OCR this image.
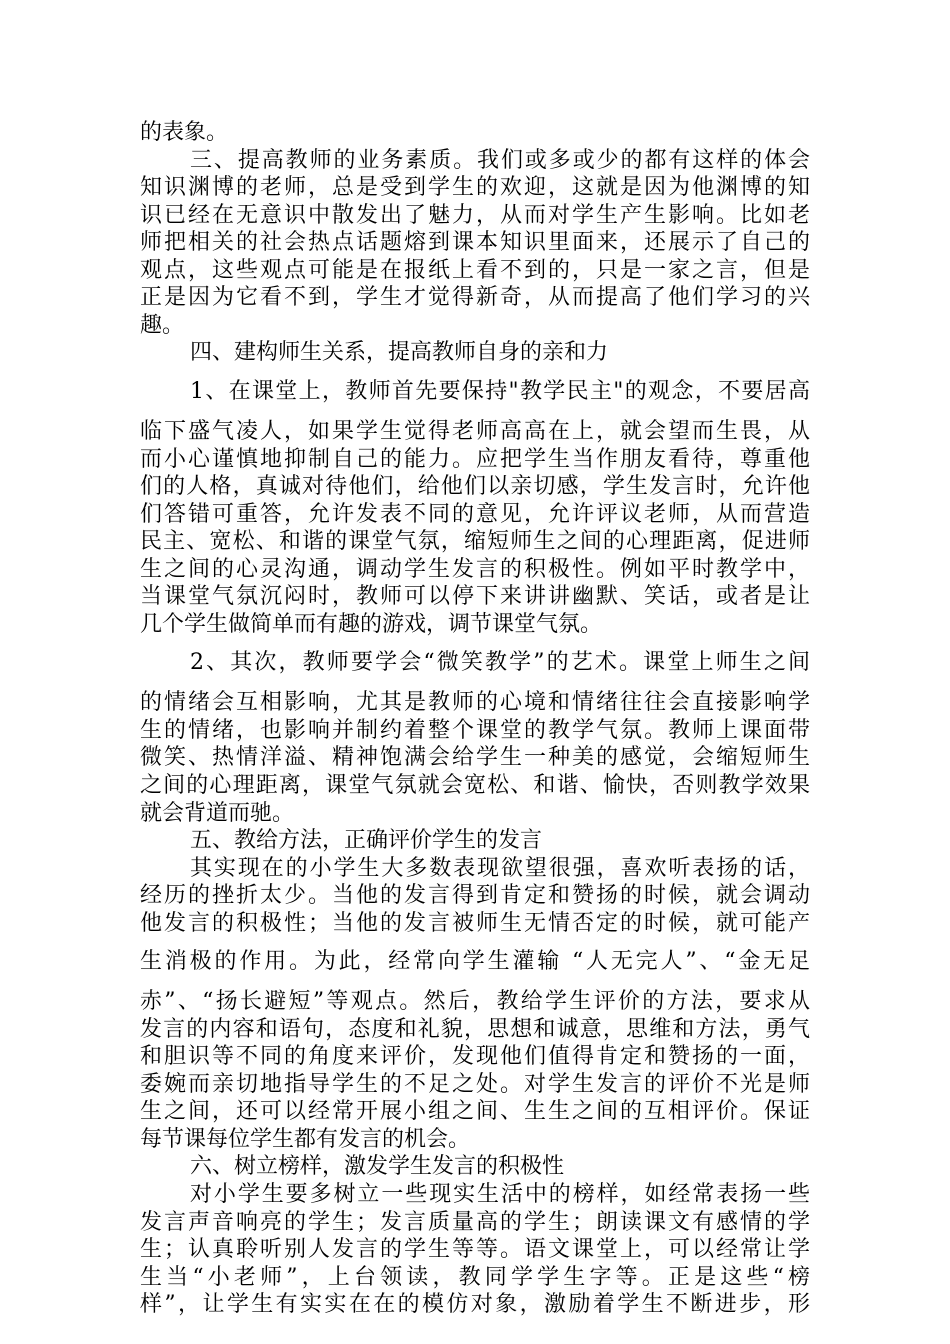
的表象。
三、提高教师的业务素质。我们或多或少的都有这样的体会
知识渊博的老师，总是受到学生的欢迎，这就是因为他渊博的知
识已经在无意识中散发出了魅力，从而对学生产生影响。比如老
师把相关的社会热点话题熔到课本知识里面来，还展示了自己的
观点，这些观点可能是在报纸上看不到的，只是一家之言，但是
正是因为它看不到，学生才觉得新奇，从而提高了他们学习的兴
趣。
四、建构师生关系，提高教师自身的亲和力
1、在课堂上，教师首先要保持"教学民主"的观念，不要居高
临下盛气凌人，如果学生觉得老师高高在上，就会望而生畏，从
而小心谨慎地抑制自己的能力。应把学生当作朋友看待，尊重他
们的人格，真诚对待他们，给他们以亲切感，学生发言时，允许他
们答错可重答，允许发表不同的意见，允许评议老师，从而营造
民主、宽松、和谐的课堂气氛，缩短师生之间的心理距离，促进师
生之间的心灵沟通，调动学生发言的积极性。例如平时教学中，
当课堂气氛沉闷时，教师可以停下来讲讲幽默、笑话，或者是让
几个学生做简单而有趣的游戏，调节课堂气氛。
2、其次，教师要学会“微笑教学”的艺术。课堂上师生之间
的情绪会互相影响，尤其是教师的心境和情绪往往会直接影响学
生的情绪，也影响并制约着整个课堂的教学气氛。教师上课面带
微笑、热情洋溢、精神饱满会给学生一种美的感觉，会缩短师生
之间的心理距离，课堂气氛就会宽松、和谐、愉快，否则教学效果
就会背道而驰。
五、教给方法，正确评价学生的发言
其实现在的小学生大多数表现欲望很强，喜欢听表扬的话，
经历的挫折太少。当他的发言得到肯定和赞扬的时候，就会调动
他发言的积极性；当他的发言被师生无情否定的时候，就可能产
生消极的作用。为此，经常向学生灌输 “人无完人”、“金无足
赤”、“扬长避短”等观点。然后，教给学生评价的方法，要求从
发言的内容和语句，态度和礼貌，思想和诚意，思维和方法，勇气
和胆识等不同的角度来评价，发现他们值得肯定和赞扬的一面，
委婉而亲切地指导学生的不足之处。对学生发言的评价不光是师
生之间，还可以经常开展小组之间、生生之间的互相评价。保证
每节课每位学生都有发言的机会。
六、树立榜样，激发学生发言的积极性
对小学生要多树立一些现实生活中的榜样，如经常表扬一些
发言声音响亮的学生；发言质量高的学生；朗读课文有感情的学
生；认真聆听别人发言的学生等等。语文课堂上，可以经常让学
生当“小老师”，上台领读，教同学学生字等。正是这些“榜
样”，让学生有实实在在的模仿对象，激励着学生不断进步，形
